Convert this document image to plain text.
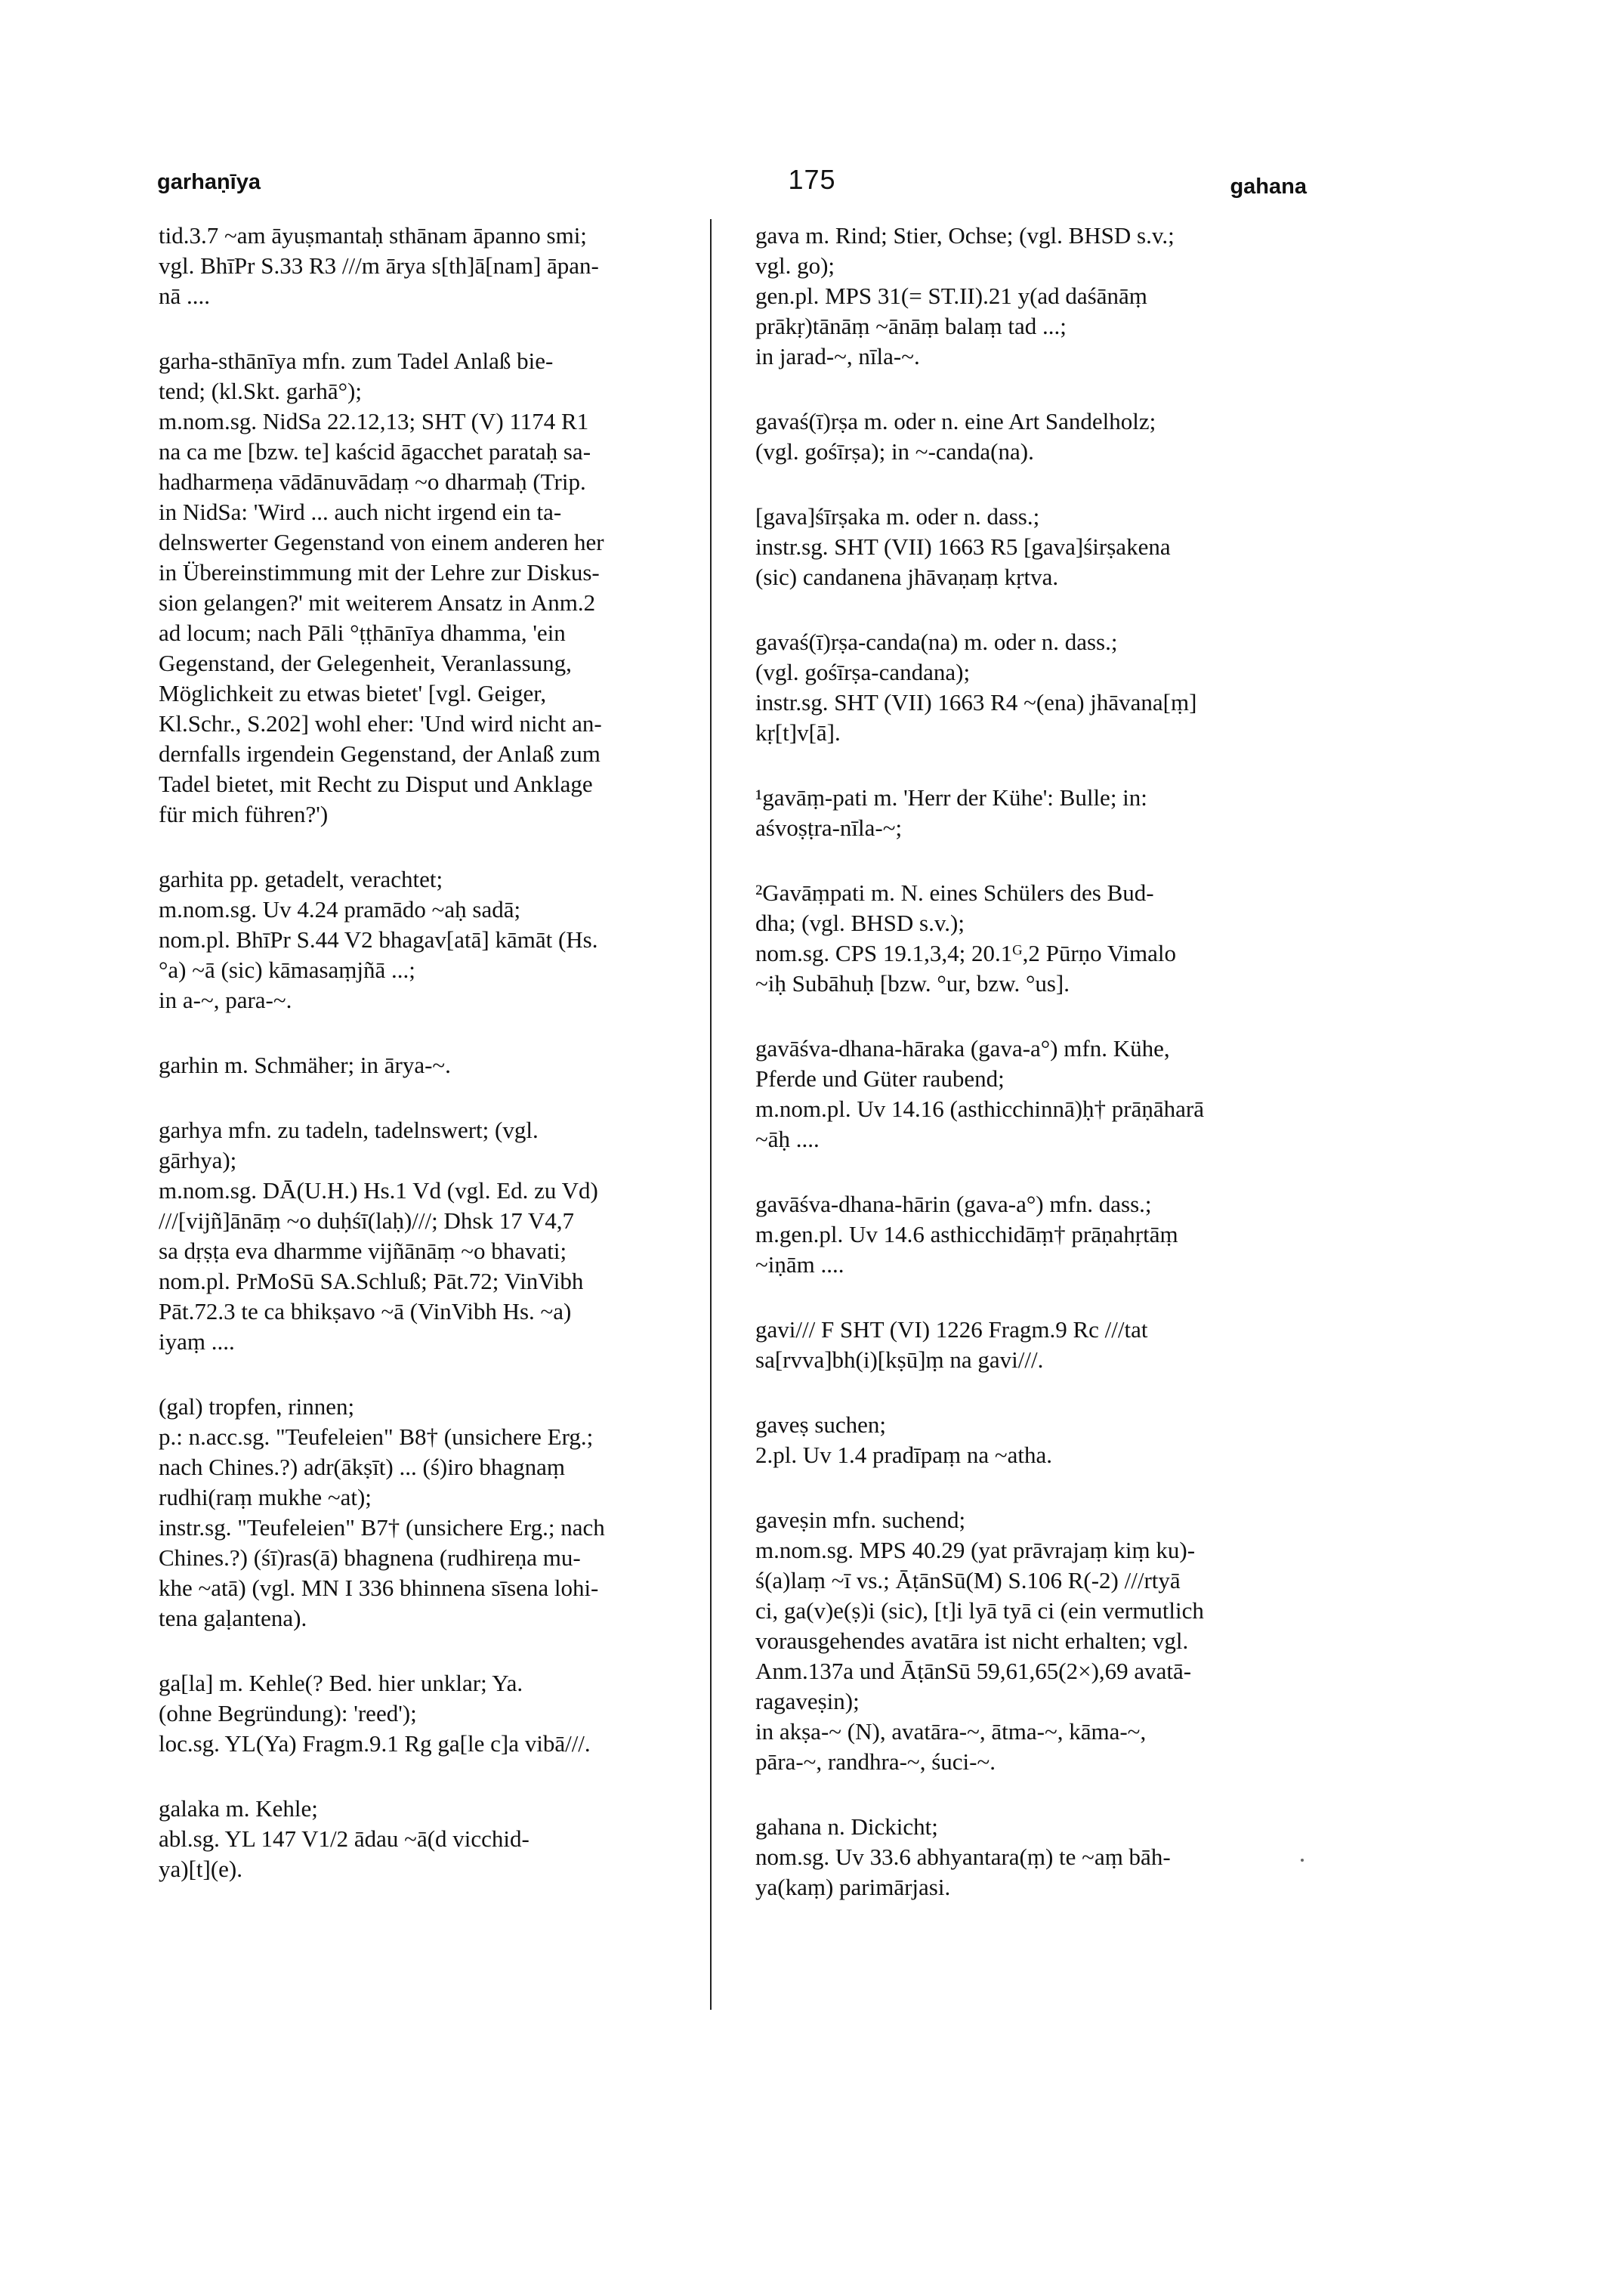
garhaṇīya	175	gahana
tid.3.7 ~am āyuṣmantaḥ sthānam āpanno smi;
vgl. BhīPr S.33 R3 ///m ārya s[th]ā[nam] āpan-
nā ....
garha-sthānīya mfn. zum Tadel Anlaß bie-
tend; (kl.Skt. garhā°);
m.nom.sg. NidSa 22.12,13; SHT (V) 1174 R1
na ca me [bzw. te] kaścid āgacchet parataḥ sa-
hadharmeṇa vādānuvādaṃ ~o dharmaḥ (Trip.
in NidSa: 'Wird ... auch nicht irgend ein ta-
delnswerter Gegenstand von einem anderen her
in Übereinstimmung mit der Lehre zur Diskus-
sion gelangen?' mit weiterem Ansatz in Anm.2
ad locum; nach Pāli °ṭṭhānīya dhamma, 'ein
Gegenstand, der Gelegenheit, Veranlassung,
Möglichkeit zu etwas bietet' [vgl. Geiger,
Kl.Schr., S.202] wohl eher: 'Und wird nicht an-
dernfalls irgendein Gegenstand, der Anlaß zum
Tadel bietet, mit Recht zu Disput und Anklage
für mich führen?')
garhita pp. getadelt, verachtet;
m.nom.sg. Uv 4.24 pramādo ~aḥ sadā;
nom.pl. BhīPr S.44 V2 bhagav[atā] kāmāt (Hs.
°a) ~ā (sic) kāmasaṃjñā ...;
in a-~, para-~.
garhin m. Schmäher; in ārya-~.
garhya mfn. zu tadeln, tadelnswert; (vgl.
gārhya);
m.nom.sg. DĀ(U.H.) Hs.1 Vd (vgl. Ed. zu Vd)
///[vijñ]ānāṃ ~o duḥśī(laḥ)///; Dhsk 17 V4,7
sa dṛṣṭa eva dharmme vijñānāṃ ~o bhavati;
nom.pl. PrMoSū SA.Schluß; Pāt.72; VinVibh
Pāt.72.3 te ca bhikṣavo ~ā (VinVibh Hs. ~a)
iyaṃ ....
(gal) tropfen, rinnen;
p.: n.acc.sg. "Teufeleien" B8† (unsichere Erg.;
nach Chines.?) adr(ākṣīt) ... (ś)iro bhagnaṃ
rudhi(raṃ mukhe ~at);
instr.sg. "Teufeleien" B7† (unsichere Erg.; nach
Chines.?) (śī)ras(ā) bhagnena (rudhireṇa mu-
khe ~atā) (vgl. MN I 336 bhinnena sīsena lohi-
tena gaḷantena).
ga[la] m. Kehle(? Bed. hier unklar; Ya.
(ohne Begründung): 'reed');
loc.sg. YL(Ya) Fragm.9.1 Rg ga[le c]a vibā///.
galaka m. Kehle;
abl.sg. YL 147 V1/2 ādau ~ā(d vicchid-
ya)[t](e).
gava m. Rind; Stier, Ochse; (vgl. BHSD s.v.;
vgl. go);
gen.pl. MPS 31(= ST.II).21 y(ad daśānāṃ
prākṛ)tānāṃ ~ānāṃ balaṃ tad ...;
in jarad-~, nīla-~.
gavaś(ī)rṣa m. oder n. eine Art Sandelholz;
(vgl. gośīrṣa); in ~-canda(na).
[gava]śīrṣaka m. oder n. dass.;
instr.sg. SHT (VII) 1663 R5 [gava]śirṣakena
(sic) candanena jhāvaṇaṃ kṛtva.
gavaś(ī)rṣa-canda(na) m. oder n. dass.;
(vgl. gośīrṣa-candana);
instr.sg. SHT (VII) 1663 R4 ~(ena) jhāvana[ṃ]
kṛ[t]v[ā].
¹gavāṃ-pati m. 'Herr der Kühe': Bulle; in:
aśvoṣṭra-nīla-~;
²Gavāṃpati m. N. eines Schülers des Bud-
dha; (vgl. BHSD s.v.);
nom.sg. CPS 19.1,3,4; 20.1ᴳ,2 Pūrṇo Vimalo
~iḥ Subāhuḥ [bzw. °ur, bzw. °us].
gavāśva-dhana-hāraka (gava-a°) mfn. Kühe,
Pferde und Güter raubend;
m.nom.pl. Uv 14.16 (asthicchinnā)ḥ† prāṇāharā
~āḥ ....
gavāśva-dhana-hārin (gava-a°) mfn. dass.;
m.gen.pl. Uv 14.6 asthicchidāṃ† prāṇahṛtāṃ
~iṇām ....
gavi/// F SHT (VI) 1226 Fragm.9 Rc ///tat
sa[rvva]bh(i)[kṣū]ṃ na gavi///.
gaveṣ suchen;
2.pl. Uv 1.4 pradīpaṃ na ~atha.
gaveṣin mfn. suchend;
m.nom.sg. MPS 40.29 (yat prāvrajaṃ kiṃ ku)-
ś(a)laṃ ~ī vs.; ĀṭānSū(M) S.106 R(-2) ///rtyā
ci, ga(v)e(ṣ)i (sic), [t]i lyā tyā ci (ein vermutlich
vorausgehendes avatāra ist nicht erhalten; vgl.
Anm.137a und ĀṭānSū 59,61,65(2×),69 avatā-
ragaveṣin);
in akṣa-~ (N), avatāra-~, ātma-~, kāma-~,
pāra-~, randhra-~, śuci-~.
gahana n. Dickicht;
nom.sg. Uv 33.6 abhyantara(ṃ) te ~aṃ bāh-
ya(kaṃ) parimārjasi.
